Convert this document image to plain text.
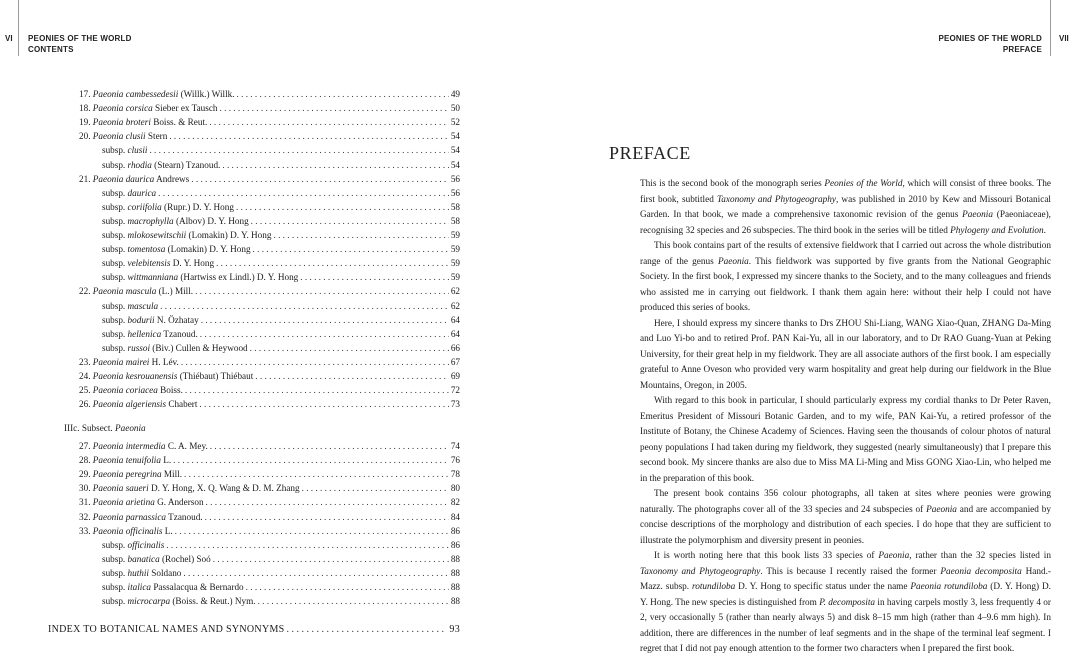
VI PEONIES OF THE WORLD
CONTENTS
PEONIES OF THE WORLD
PREFACE
VII
17. Paeonia cambessedesii (Willk.) Willk. . . .	49
18. Paeonia corsica Sieber ex Tausch . . .	50
19. Paeonia broteri Boiss. & Reut. . . .	52
20. Paeonia clusii Stern . . .	54
subsp. clusii . . .	54
subsp. rhodia (Stearn) Tzanoud. . . .	54
21. Paeonia daurica Andrews . . .	56
subsp. daurica . . .	56
subsp. coriifolia (Rupr.) D. Y. Hong . . .	58
subsp. macrophylla (Albov) D. Y. Hong . . .	58
subsp. mlokosewitschii (Lomakin) D. Y. Hong . . .	59
subsp. tomentosa (Lomakin) D. Y. Hong . . .	59
subsp. velebitensis D. Y. Hong . . .	59
subsp. wittmanniana (Hartwiss ex Lindl.) D. Y. Hong . . .	59
22. Paeonia mascula (L.) Mill. . . .	62
subsp. mascula . . .	62
subsp. bodurii N. Özhatay . . .	64
subsp. hellenica Tzanoud. . . .	64
subsp. russoi (Biv.) Cullen & Heywood . . .	66
23. Paeonia mairei H. Lév. . . .	67
24. Paeonia kesrouanensis (Thiébaut) Thiébaut . . .	69
25. Paeonia coriacea Boiss. . . .	72
26. Paeonia algeriensis Chabert . . .	73
27. Paeonia intermedia C. A. Mey. . . .	74
28. Paeonia tenuifolia L. . . .	76
29. Paeonia peregrina Mill. . . .	78
30. Paeonia saueri D. Y. Hong, X. Q. Wang & D. M. Zhang . . .	80
31. Paeonia arietina G. Anderson . . .	82
32. Paeonia parnassica Tzanoud. . . .	84
33. Paeonia officinalis L. . . .	86
subsp. officinalis . . .	86
subsp. banatica (Rochel) Soó . . .	88
subsp. huthii Soldano . . .	88
subsp. italica Passalacqua & Bernardo . . .	88
subsp. microcarpa (Boiss. & Reut.) Nym. . . .	88
IIIc. Subsect. Paeonia
INDEX TO BOTANICAL NAMES AND SYNONYMS . . .	93
PREFACE

This is the second book of the monograph series Peonies of the World, which will consist of three books. The first book, subtitled Taxonomy and Phytogeography, was published in 2010 by Kew and Missouri Botanical Garden. In that book, we made a comprehensive taxonomic revision of the genus Paeonia (Paeoniaceae), recognising 32 species and 26 subspecies. The third book in the series will be titled Phylogeny and Evolution.

This book contains part of the results of extensive fieldwork that I carried out across the whole distribution range of the genus Paeonia. This fieldwork was supported by five grants from the National Geographic Society. In the first book, I expressed my sincere thanks to the Society, and to the many colleagues and friends who assisted me in carrying out fieldwork. I thank them again here: without their help I could not have produced this series of books.

Here, I should express my sincere thanks to Drs ZHOU Shi-Liang, WANG Xiao-Quan, ZHANG Da-Ming and Luo Yi-bo and to retired Prof. PAN Kai-Yu, all in our laboratory, and to Dr RAO Guang-Yuan at Peking University, for their great help in my fieldwork. They are all associate authors of the first book. I am especially grateful to Anne Oveson who provided very warm hospitality and great help during our fieldwork in the Blue Mountains, Oregon, in 2005.

With regard to this book in particular, I should particularly express my cordial thanks to Dr Peter Raven, Emeritus President of Missouri Botanic Garden, and to my wife, PAN Kai-Yu, a retired professor of the Institute of Botany, the Chinese Academy of Sciences. Having seen the thousands of colour photos of natural peony populations I had taken during my fieldwork, they suggested (nearly simultaneously) that I prepare this second book. My sincere thanks are also due to Miss MA Li-Ming and Miss GONG Xiao-Lin, who helped me in the preparation of this book.

The present book contains 356 colour photographs, all taken at sites where peonies were growing naturally. The photographs cover all of the 33 species and 24 subspecies of Paeonia and are accompanied by concise descriptions of the morphology and distribution of each species. I do hope that they are sufficient to illustrate the polymorphism and diversity present in peonies.

It is worth noting here that this book lists 33 species of Paeonia, rather than the 32 species listed in Taxonomy and Phytogeography. This is because I recently raised the former Paeonia decomposita Hand.-Mazz. subsp. rotundiloba D. Y. Hong to specific status under the name Paeonia rotundiloba (D. Y. Hong) D. Y. Hong. The new species is distinguished from P. decomposita in having carpels mostly 3, less frequently 4 or 2, very occasionally 5 (rather than nearly always 5) and disk 8–15 mm high (rather than 4–9.6 mm high). In addition, there are differences in the number of leaf segments and in the shape of the terminal leaf segment. I regret that I did not pay enough attention to the former two characters when I prepared the first book.
